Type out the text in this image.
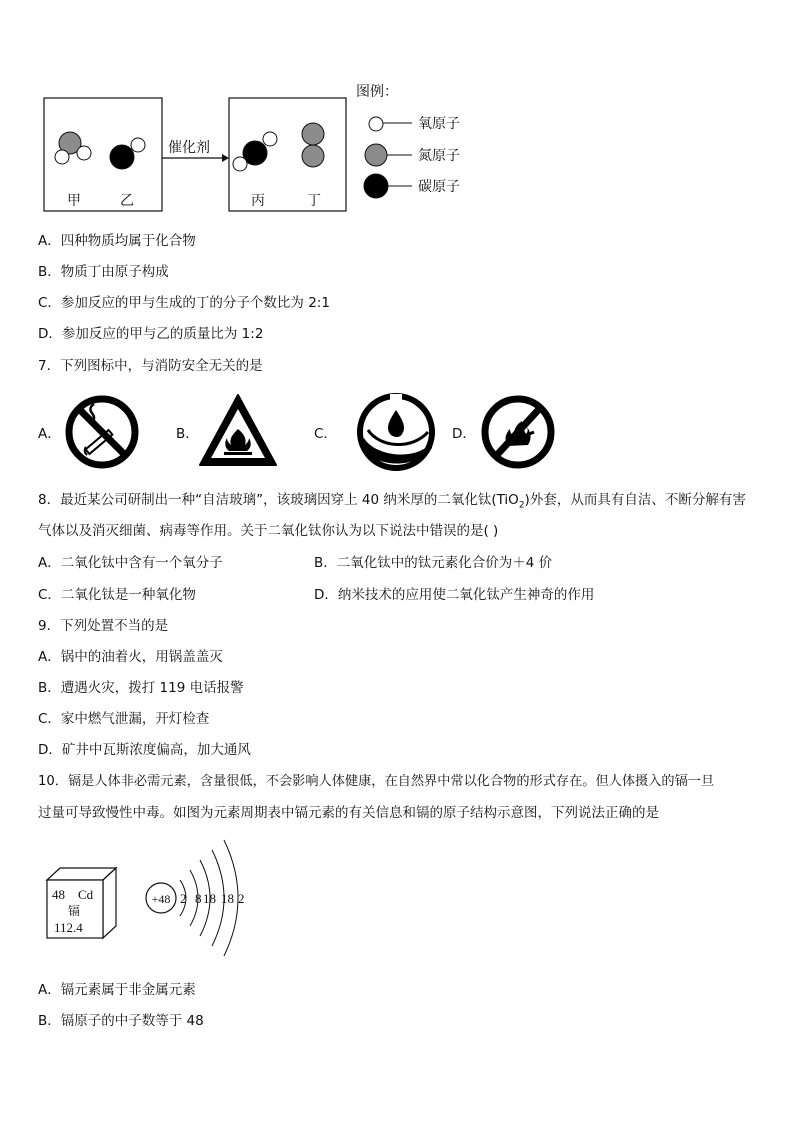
甲	乙
催化剂
丙	丁
图例：
氧原子
氮原子
碳原子
A．四种物质均属于化合物
B．物质丁由原子构成
C．参加反应的甲与生成的丁的分子个数比为 2:1
D．参加反应的甲与乙的质量比为 1:2
7．下列图标中，与消防安全无关的是
A．	B．	C．	D．
8．最近某公司研制出一种“自洁玻璃”，该玻璃因穿上 40 纳米厚的二氧化钛(TiO$_2$)外套，从而具有自洁、不断分解有害
气体以及消灭细菌、病毒等作用。关于二氧化钛你认为以下说法中错误的是( )
A．二氧化钛中含有一个氧分子	B．二氧化钛中的钛元素化合价为＋4 价
C．二氧化钛是一种氧化物	D．纳米技术的应用使二氧化钛产生神奇的作用
9．下列处置不当的是
A．锅中的油着火，用锅盖盖灭
B．遭遇火灾，拨打 119 电话报警
C．家中燃气泄漏，开灯检查
D．矿井中瓦斯浓度偏高，加大通风
10．镉是人体非必需元素，含量很低，不会影响人体健康，在自然界中常以化合物的形式存在。但人体摄入的镉一旦
过量可导致慢性中毒。如图为元素周期表中镉元素的有关信息和镉的原子结构示意图，下列说法正确的是
48 Cd
镉
112.4
+48 2 8 18 18 2
A．镉元素属于非金属元素
B．镉原子的中子数等于 48
